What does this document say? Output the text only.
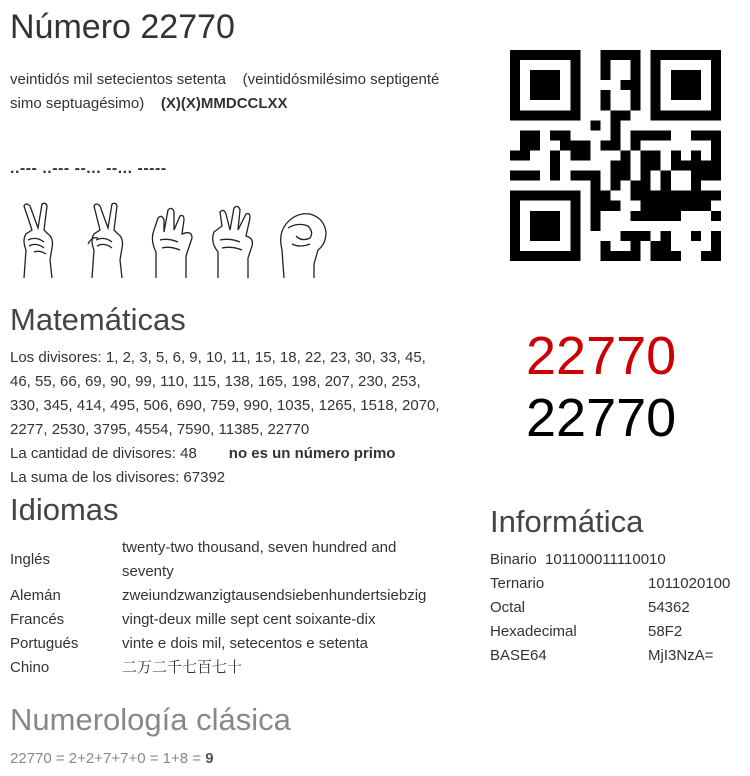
Número 22770
veintidós mil setecientos setenta (veintidósmilésimo septigenté
simo septuagésimo) (X)(X)MMDCCLXX
..--- ..--- --... --... -----
Matemáticas
Los divisores: 1, 2, 3, 5, 6, 9, 10, 11, 15, 18, 22, 23, 30, 33, 45,
46, 55, 66, 69, 90, 99, 110, 115, 138, 165, 198, 207, 230, 253,
330, 345, 414, 495, 506, 690, 759, 990, 1035, 1265, 1518, 2070,
2277, 2530, 3795, 4554, 7590, 11385, 22770
La cantidad de divisores: 48 no es un número primo
La suma de los divisores: 67392
22770
22770
Idiomas
Inglés	twenty-two thousand, seven hundred and
seventy
Alemán	zweiundzwanzigtausendsiebenhundertsiebzig
Francés	vingt-deux mille sept cent soixante-dix
Portugués	vinte e dois mil, setecentos e setenta
Chino	二万二千七百七十
Informática
Binario 101100011110010
Ternario	1011020100
Octal	54362
Hexadecimal	58F2
BASE64	MjI3NzA=
Numerología clásica
22770 = 2+2+7+7+0 = 1+8 = 9
